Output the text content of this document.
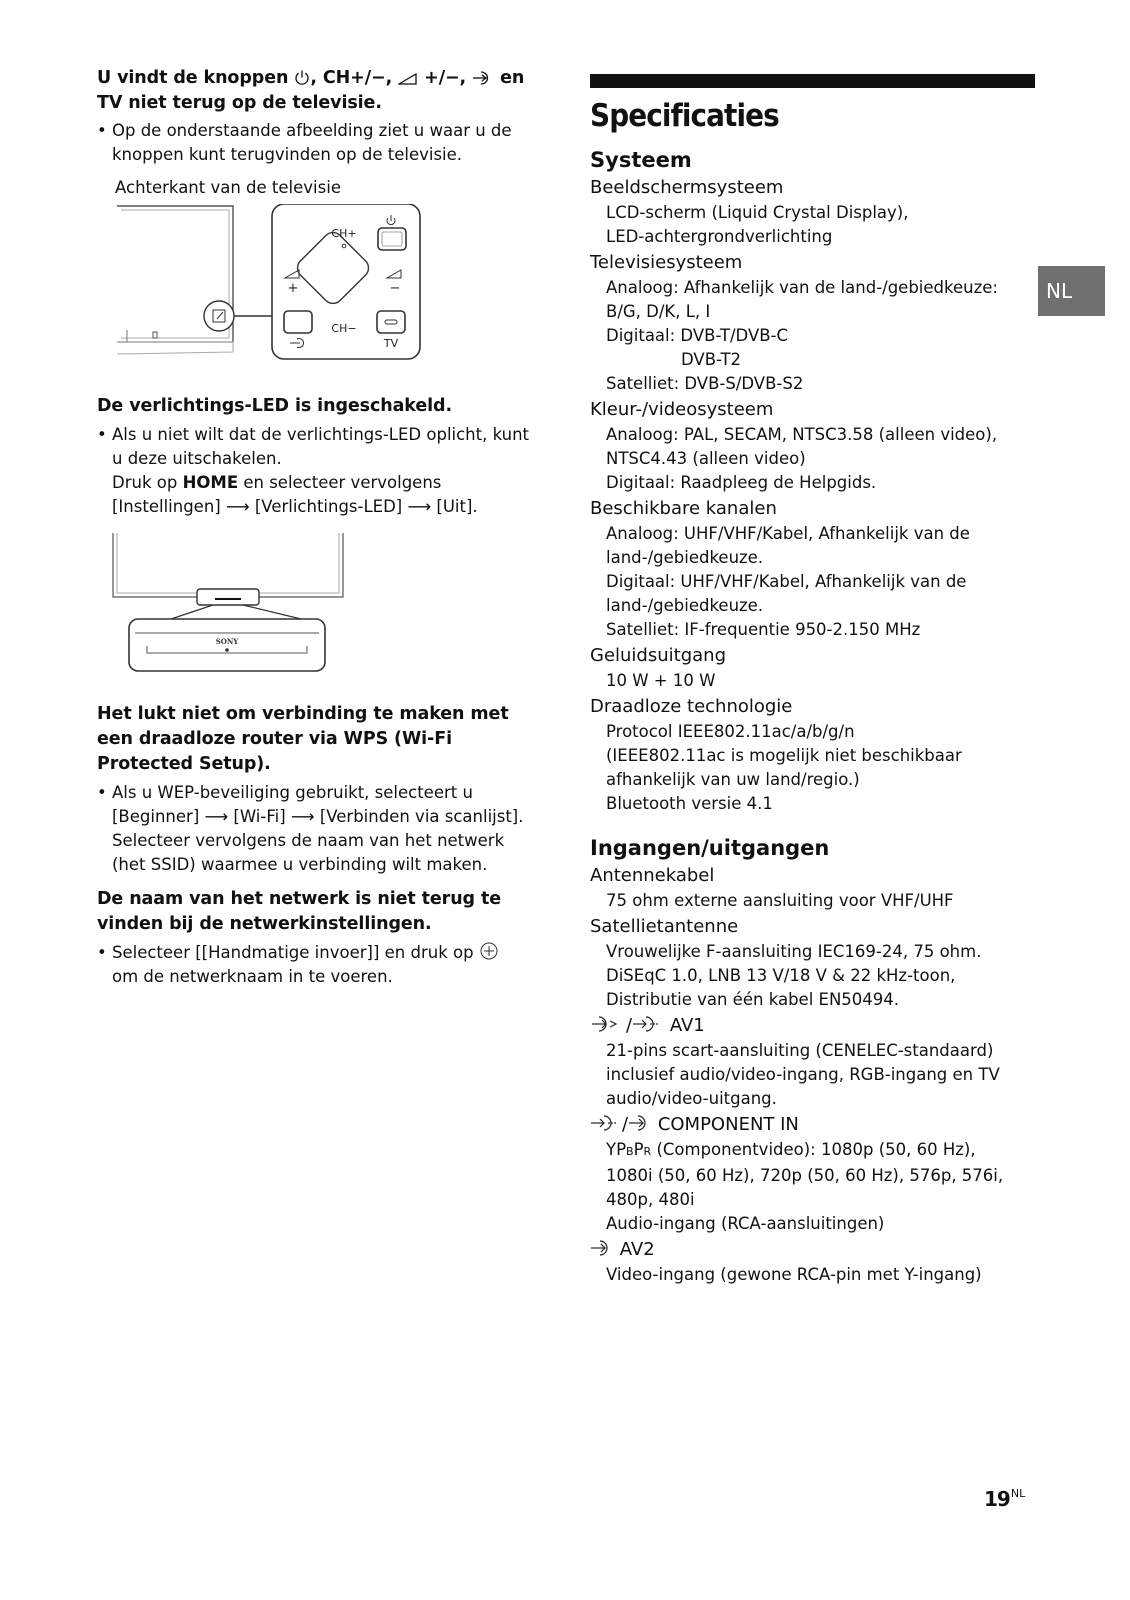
U vindt de knoppen , CH+/−,  +/−,  en
TV niet terug op de televisie.
• Op de onderstaande afbeelding ziet u waar u de knoppen kunt terugvinden op de televisie.
Achterkant van de televisie
CH+
CH−
+	−
TV
De verlichtings-LED is ingeschakeld.
• Als u niet wilt dat de verlichtings-LED oplicht, kunt u deze uitschakelen.
Druk op HOME en selecteer vervolgens
[Instellingen] ⟶ [Verlichtings-LED] ⟶ [Uit].
SONY
Het lukt niet om verbinding te maken met een draadloze router via WPS (Wi-Fi Protected Setup).
• Als u WEP-beveiliging gebruikt, selecteert u
[Beginner] ⟶ [Wi-Fi] ⟶ [Verbinden via scanlijst].
Selecteer vervolgens de naam van het netwerk (het SSID) waarmee u verbinding wilt maken.
De naam van het netwerk is niet terug te vinden bij de netwerkinstellingen.
• Selecteer [[Handmatige invoer]] en druk op
om de netwerknaam in te voeren.
Specificaties
Systeem
Beeldschermsysteem
LCD-scherm (Liquid Crystal Display),
LED-achtergrondverlichting
Televisiesysteem
Analoog: Afhankelijk van de land-/gebiedkeuze:
B/G, D/K, L, I
Digitaal: DVB-T/DVB-C
DVB-T2
Satelliet: DVB-S/DVB-S2
Kleur-/videosysteem
Analoog: PAL, SECAM, NTSC3.58 (alleen video),
NTSC4.43 (alleen video)
Digitaal: Raadpleeg de Helpgids.
Beschikbare kanalen
Analoog: UHF/VHF/Kabel, Afhankelijk van de
land-/gebiedkeuze.
Digitaal: UHF/VHF/Kabel, Afhankelijk van de
land-/gebiedkeuze.
Satelliet: IF-frequentie 950-2.150 MHz
Geluidsuitgang
10 W + 10 W
Draadloze technologie
Protocol IEEE802.11ac/a/b/g/n
(IEEE802.11ac is mogelijk niet beschikbaar
afhankelijk van uw land/regio.)
Bluetooth versie 4.1
Ingangen/uitgangen
Antennekabel
75 ohm externe aansluiting voor VHF/UHF
Satellietantenne
Vrouwelijke F-aansluiting IEC169-24, 75 ohm.
DiSEqC 1.0, LNB 13 V/18 V & 22 kHz-toon,
Distributie van één kabel EN50494.
/ AV1
21-pins scart-aansluiting (CENELEC-standaard)
inclusief audio/video-ingang, RGB-ingang en TV
audio/video-uitgang.
/ COMPONENT IN
YPBPR (Componentvideo): 1080p (50, 60 Hz),
1080i (50, 60 Hz), 720p (50, 60 Hz), 576p, 576i,
480p, 480i
Audio-ingang (RCA-aansluitingen)
AV2
Video-ingang (gewone RCA-pin met Y-ingang)
NL
$19^{NL}$
